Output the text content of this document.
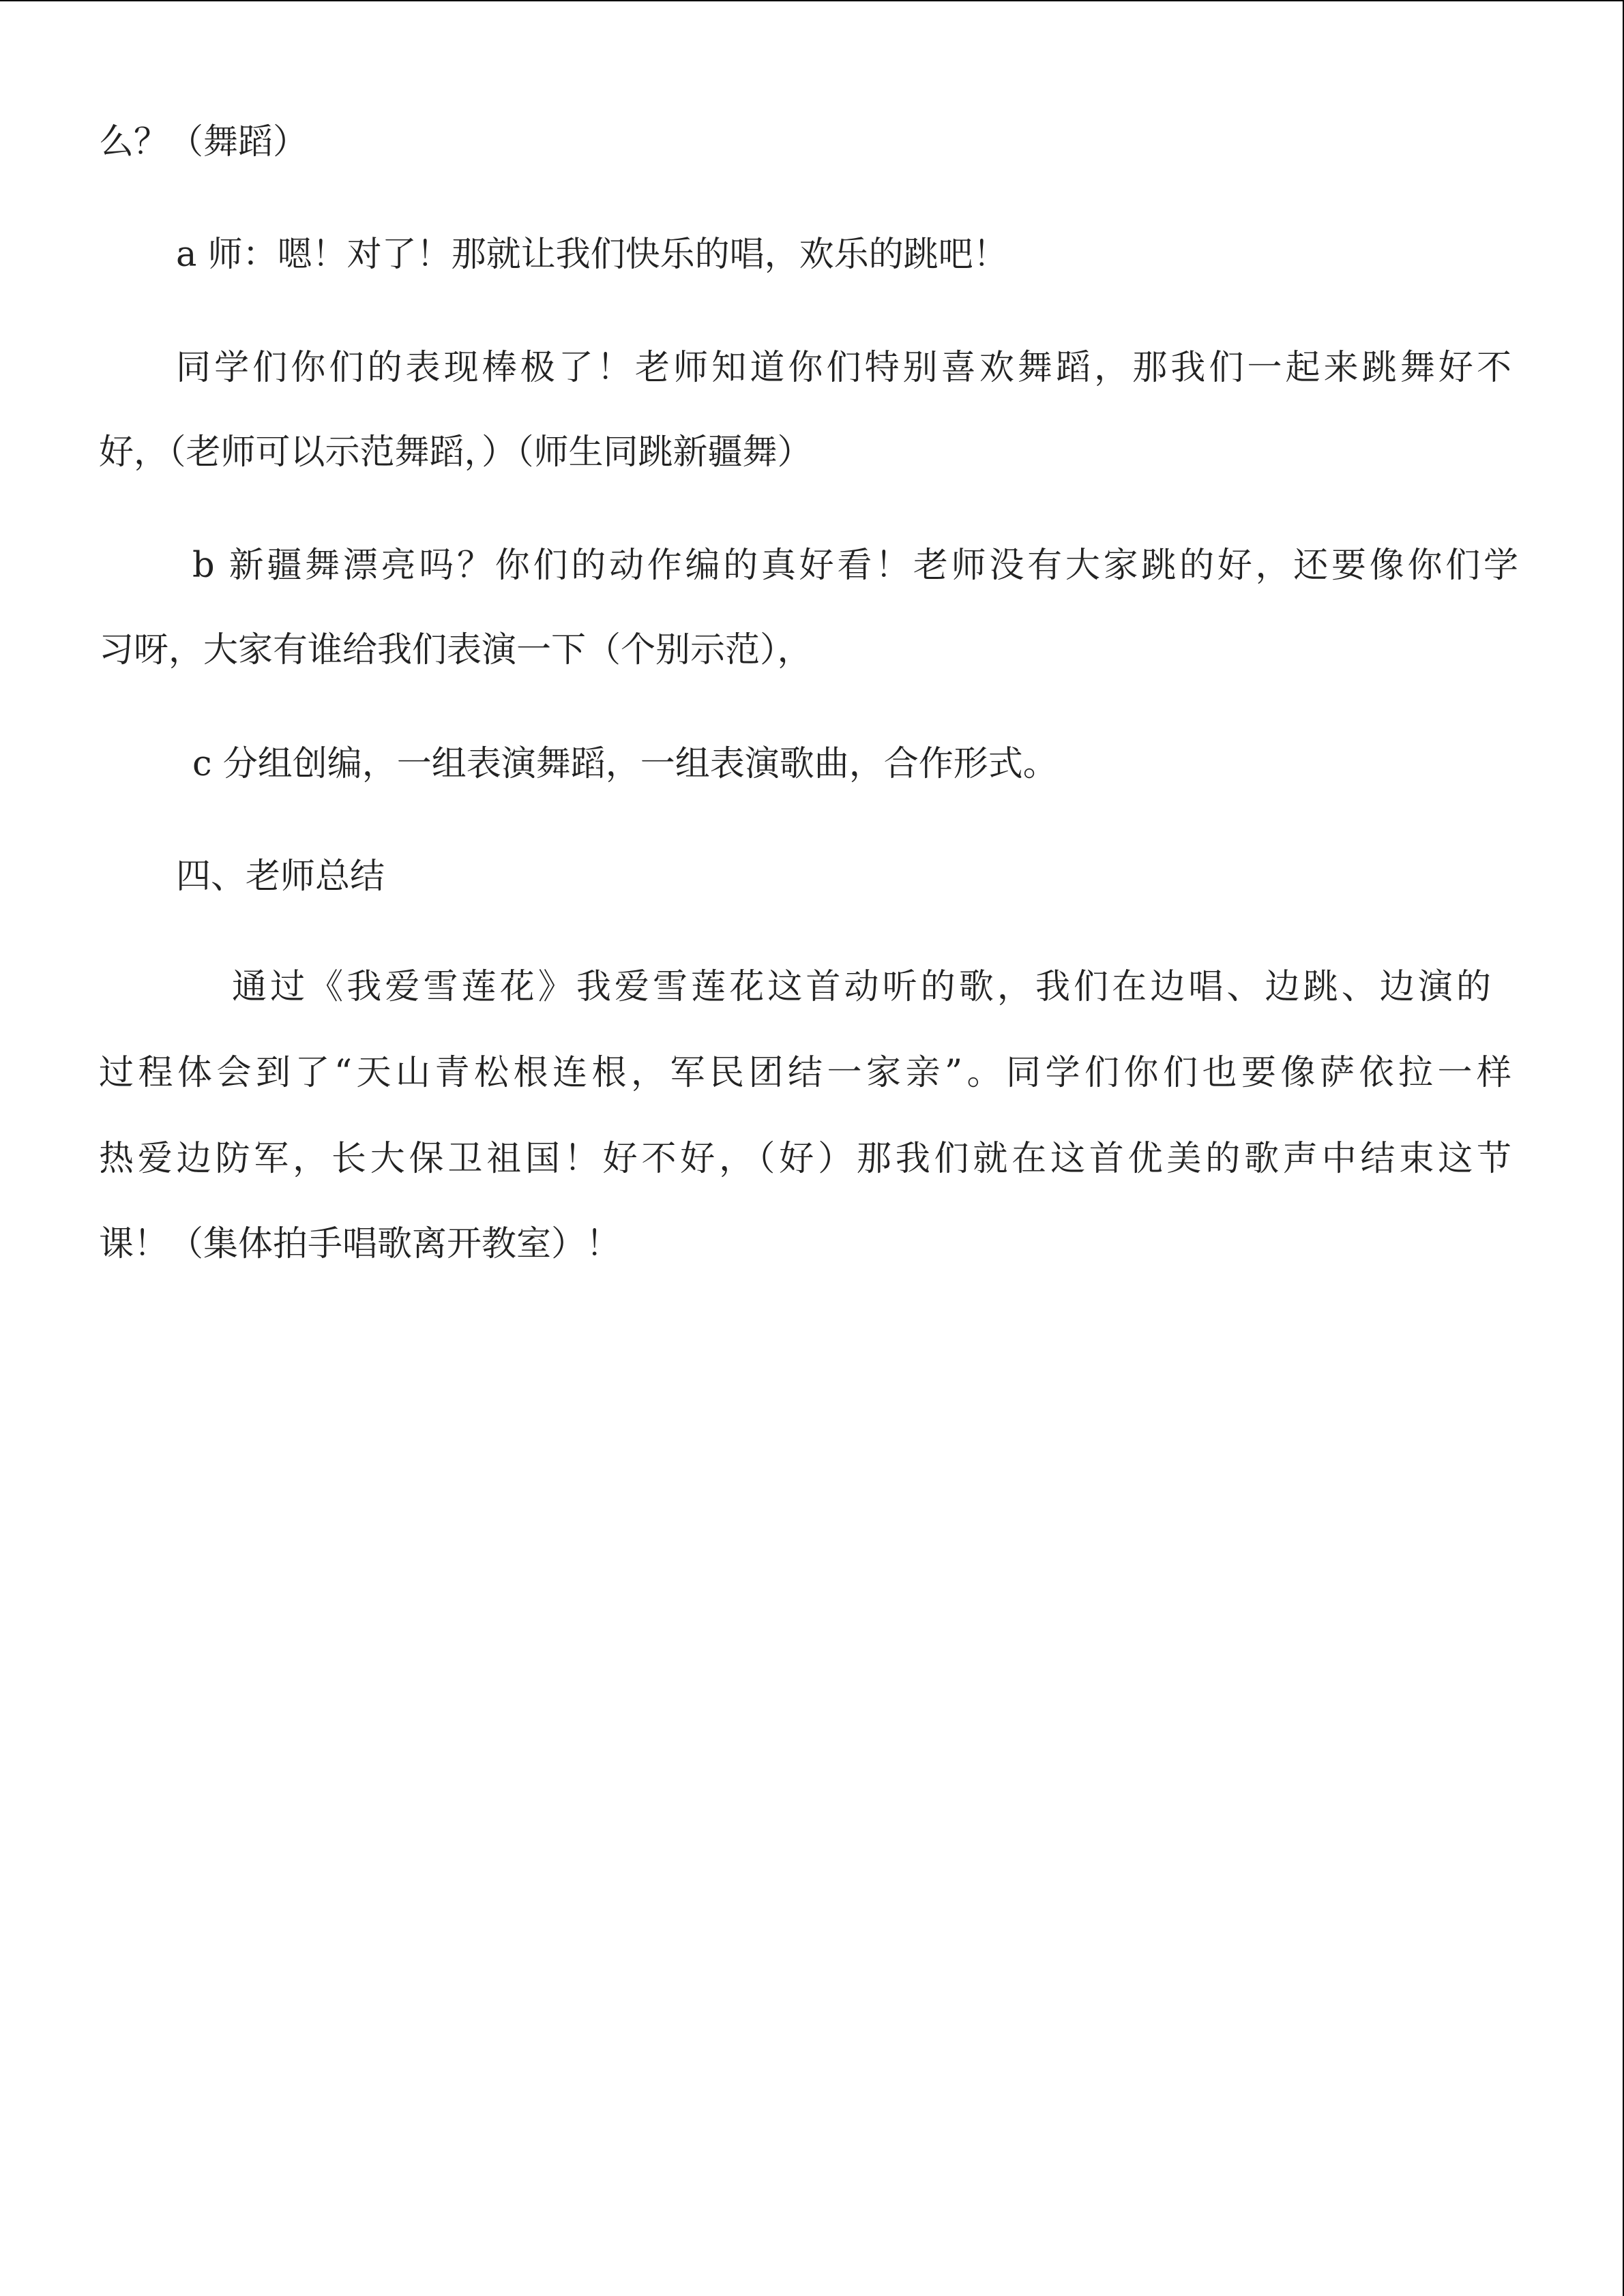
么？（舞蹈）

a 师：嗯！对了！那就让我们快乐的唱，欢乐的跳吧！

同学们你们的表现棒极了！老师知道你们特别喜欢舞蹈，那我们一起来跳舞好不

好，（老师可以示范舞蹈，）（师生同跳新疆舞）

b 新疆舞漂亮吗？你们的动作编的真好看！老师没有大家跳的好，还要像你们学

习呀，大家有谁给我们表演一下（个别示范），

c 分组创编，一组表演舞蹈，一组表演歌曲，合作形式。

四、老师总结

通过《我爱雪莲花》我爱雪莲花这首动听的歌，我们在边唱、边跳、边演的

过程体会到了“天山青松根连根，军民团结一家亲”。同学们你们也要像萨依拉一样

热爱边防军，长大保卫祖国！好不好，（好）那我们就在这首优美的歌声中结束这节

课！（集体拍手唱歌离开教室）！
